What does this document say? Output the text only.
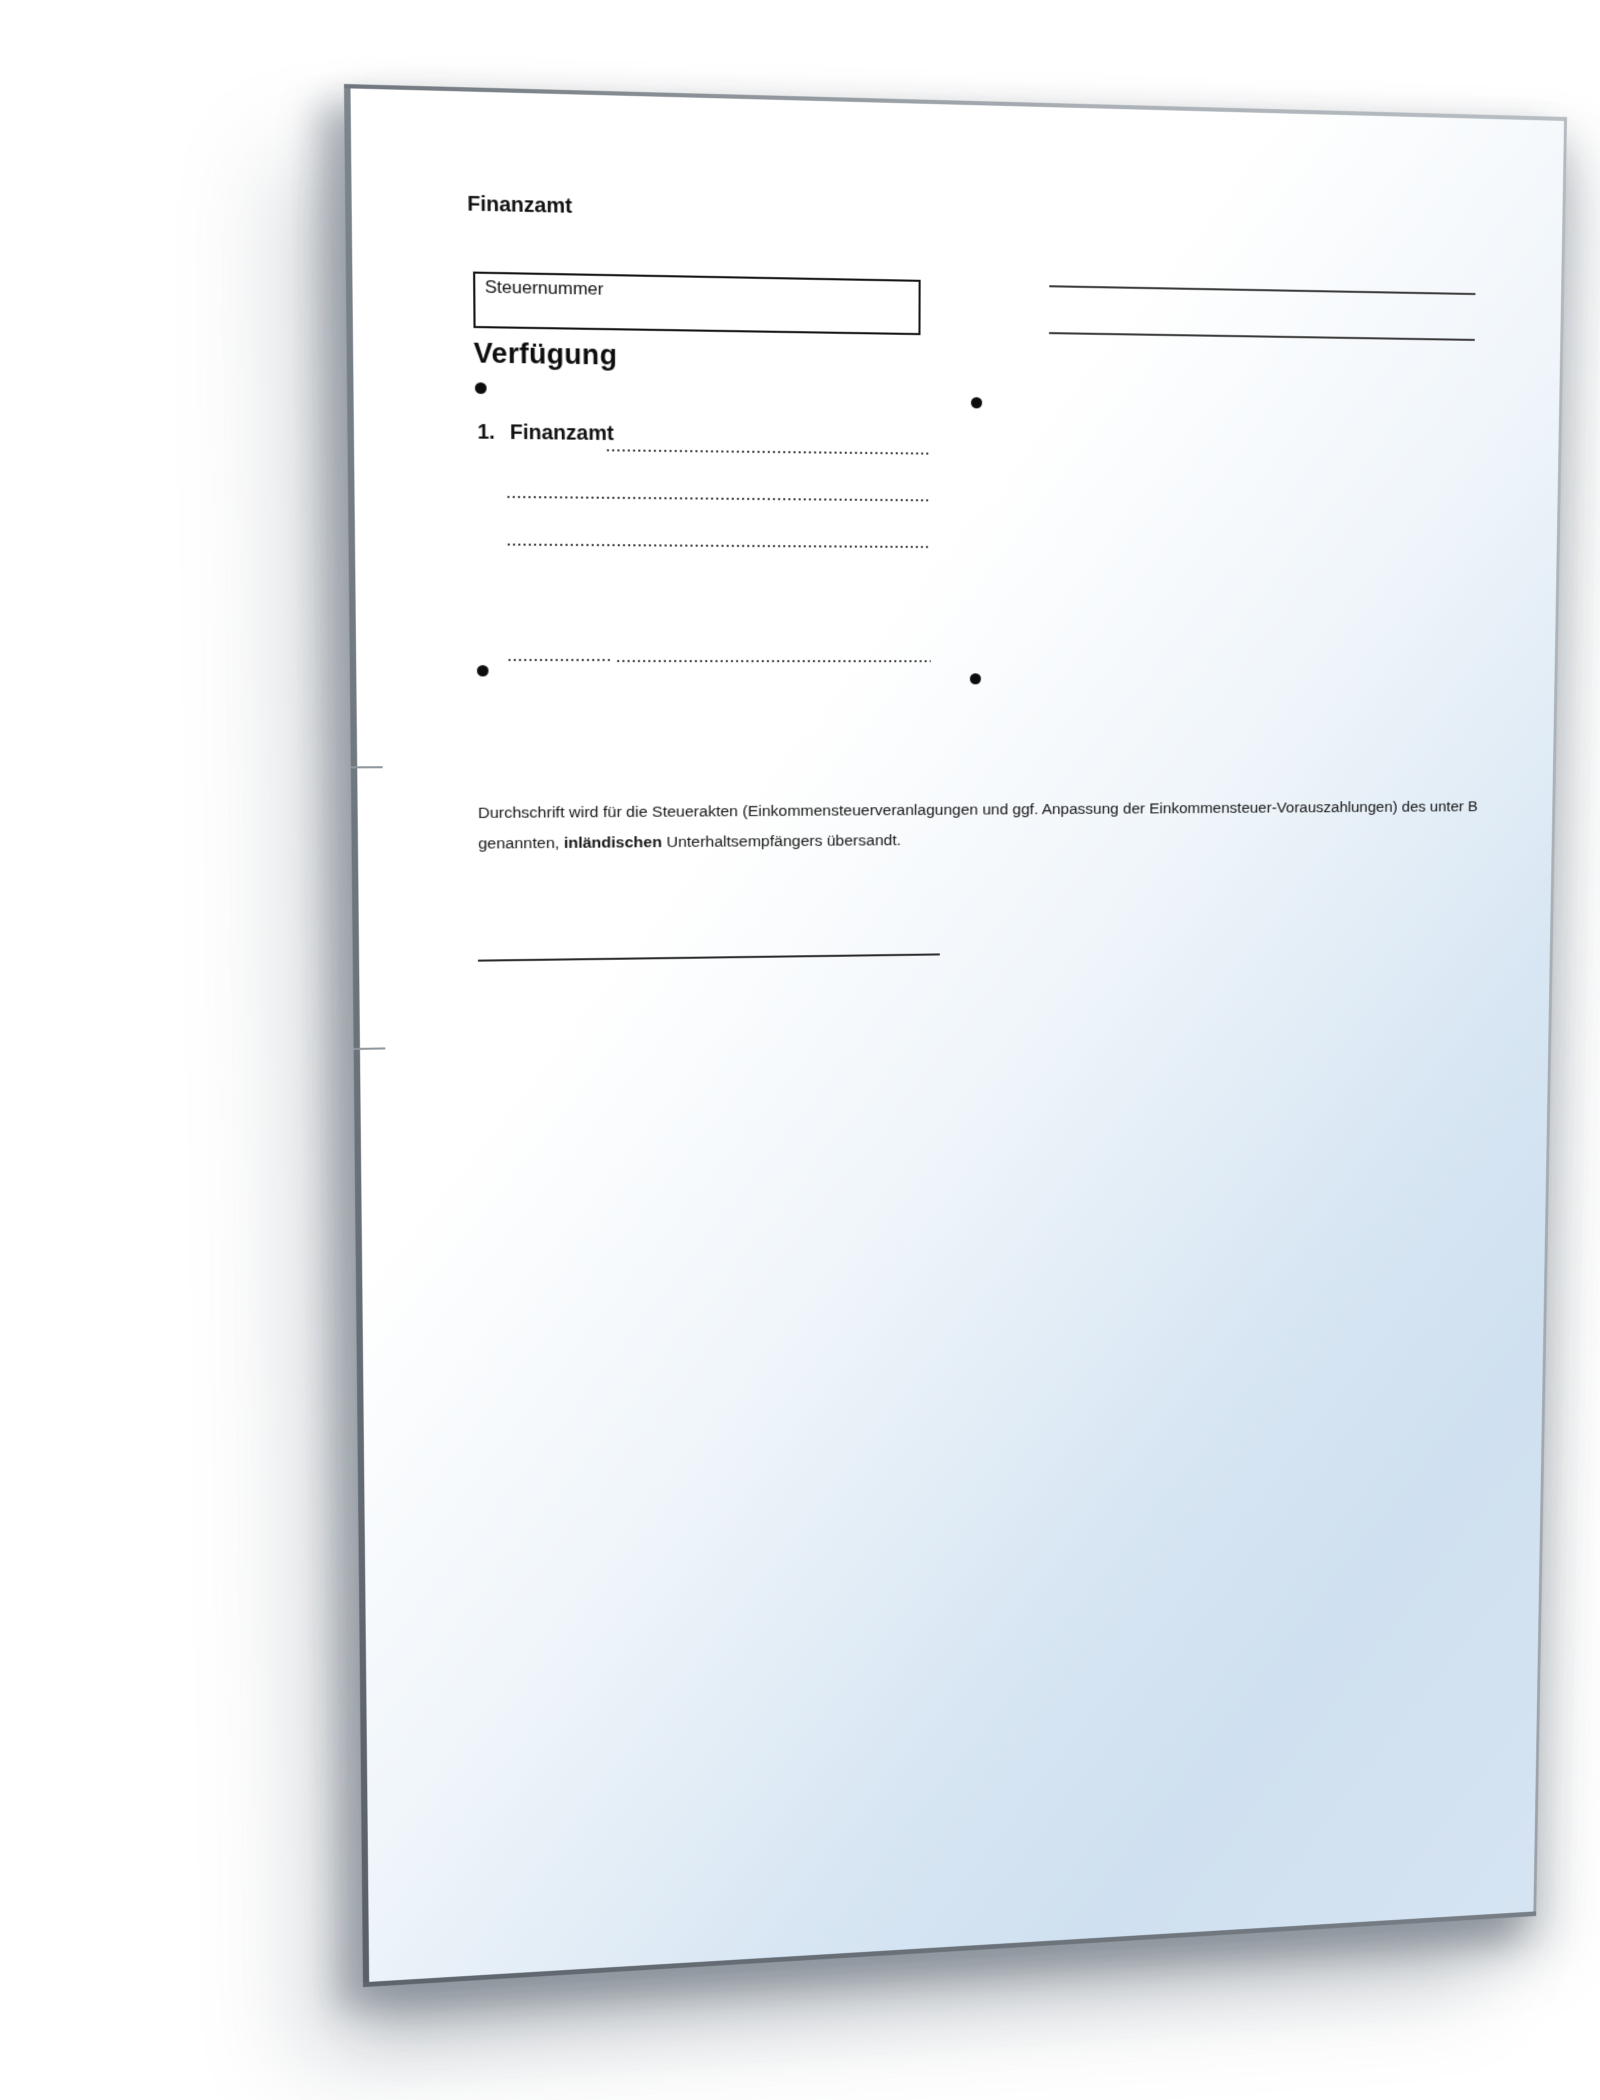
Finanzamt
Steuernummer
Verfügung
1. Finanzamt
Durchschrift wird für die Steuerakten (Einkommensteuerveranlagungen und ggf. Anpassung der Einkommensteuer-Vorauszahlungen) des unter B
genannten, inländischen Unterhaltsempfängers übersandt.
